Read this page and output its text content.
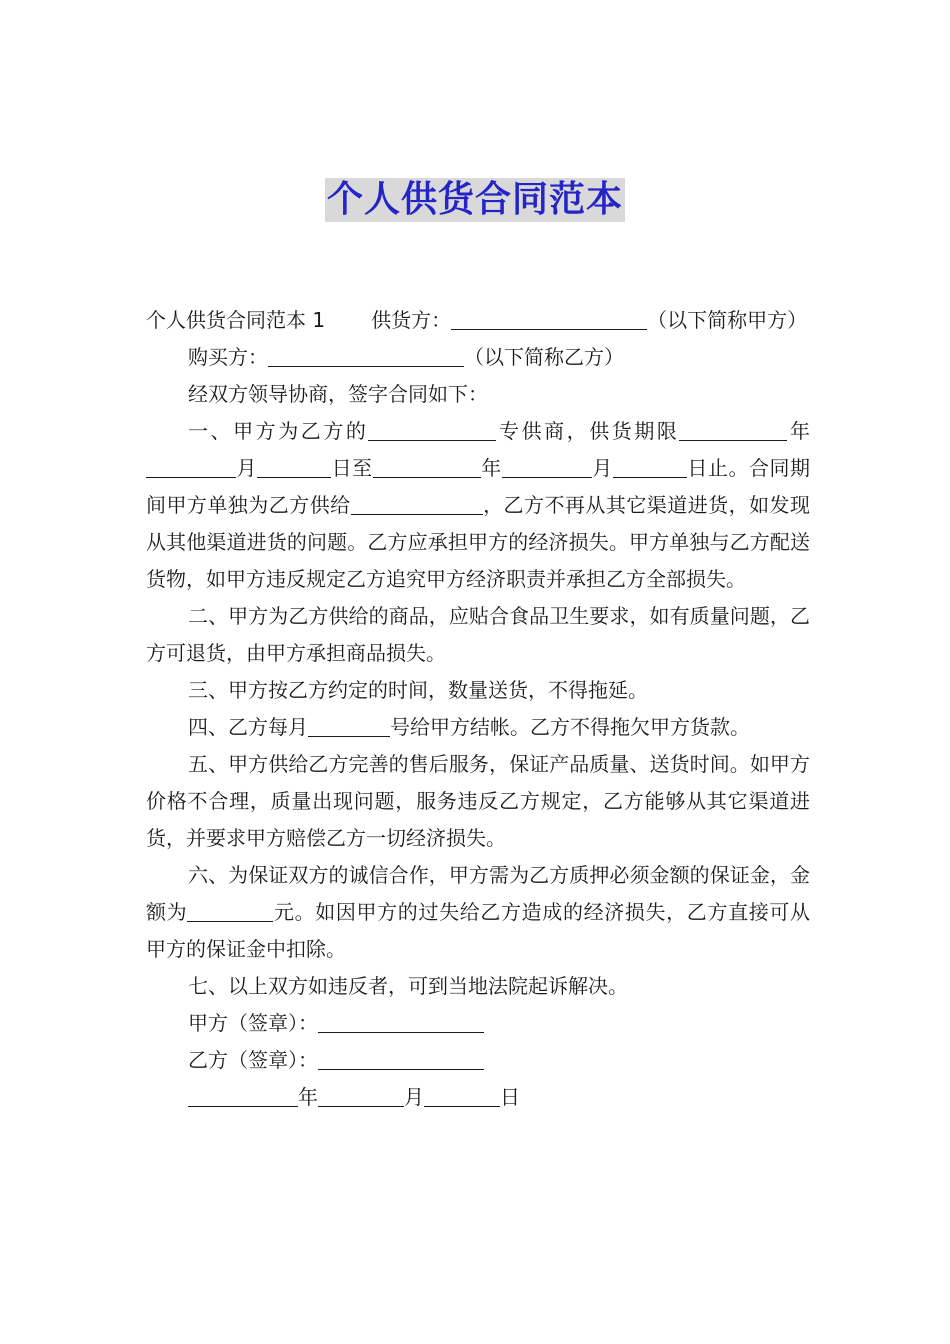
个人供货合同范本

个人供货合同范本 1 供货方：	（以下简称甲方）

购买方：	（以下简称乙方）

经双方领导协商，签字合同如下：

一、甲方为乙方的	专供商，供货期限	年月	日至	年	月	日止。合同期间甲方单独为乙方供给	，乙方不再从其它渠道进货，如发现从其他渠道进货的问题。乙方应承担甲方的经济损失。甲方单独与乙方配送货物，如甲方违反规定乙方追究甲方经济职责并承担乙方全部损失。

二、甲方为乙方供给的商品，应贴合食品卫生要求，如有质量问题，乙方可退货，由甲方承担商品损失。

三、甲方按乙方约定的时间，数量送货，不得拖延。

四、乙方每月	号给甲方结帐。乙方不得拖欠甲方货款。

五、甲方供给乙方完善的售后服务，保证产品质量、送货时间。如甲方价格不合理，质量出现问题，服务违反乙方规定，乙方能够从其它渠道进货，并要求甲方赔偿乙方一切经济损失。

六、为保证双方的诚信合作，甲方需为乙方质押必须金额的保证金，金额为	元。如因甲方的过失给乙方造成的经济损失，乙方直接可从甲方的保证金中扣除。

七、以上双方如违反者，可到当地法院起诉解决。

甲方（签章）：

乙方（签章）：

年	月	日
